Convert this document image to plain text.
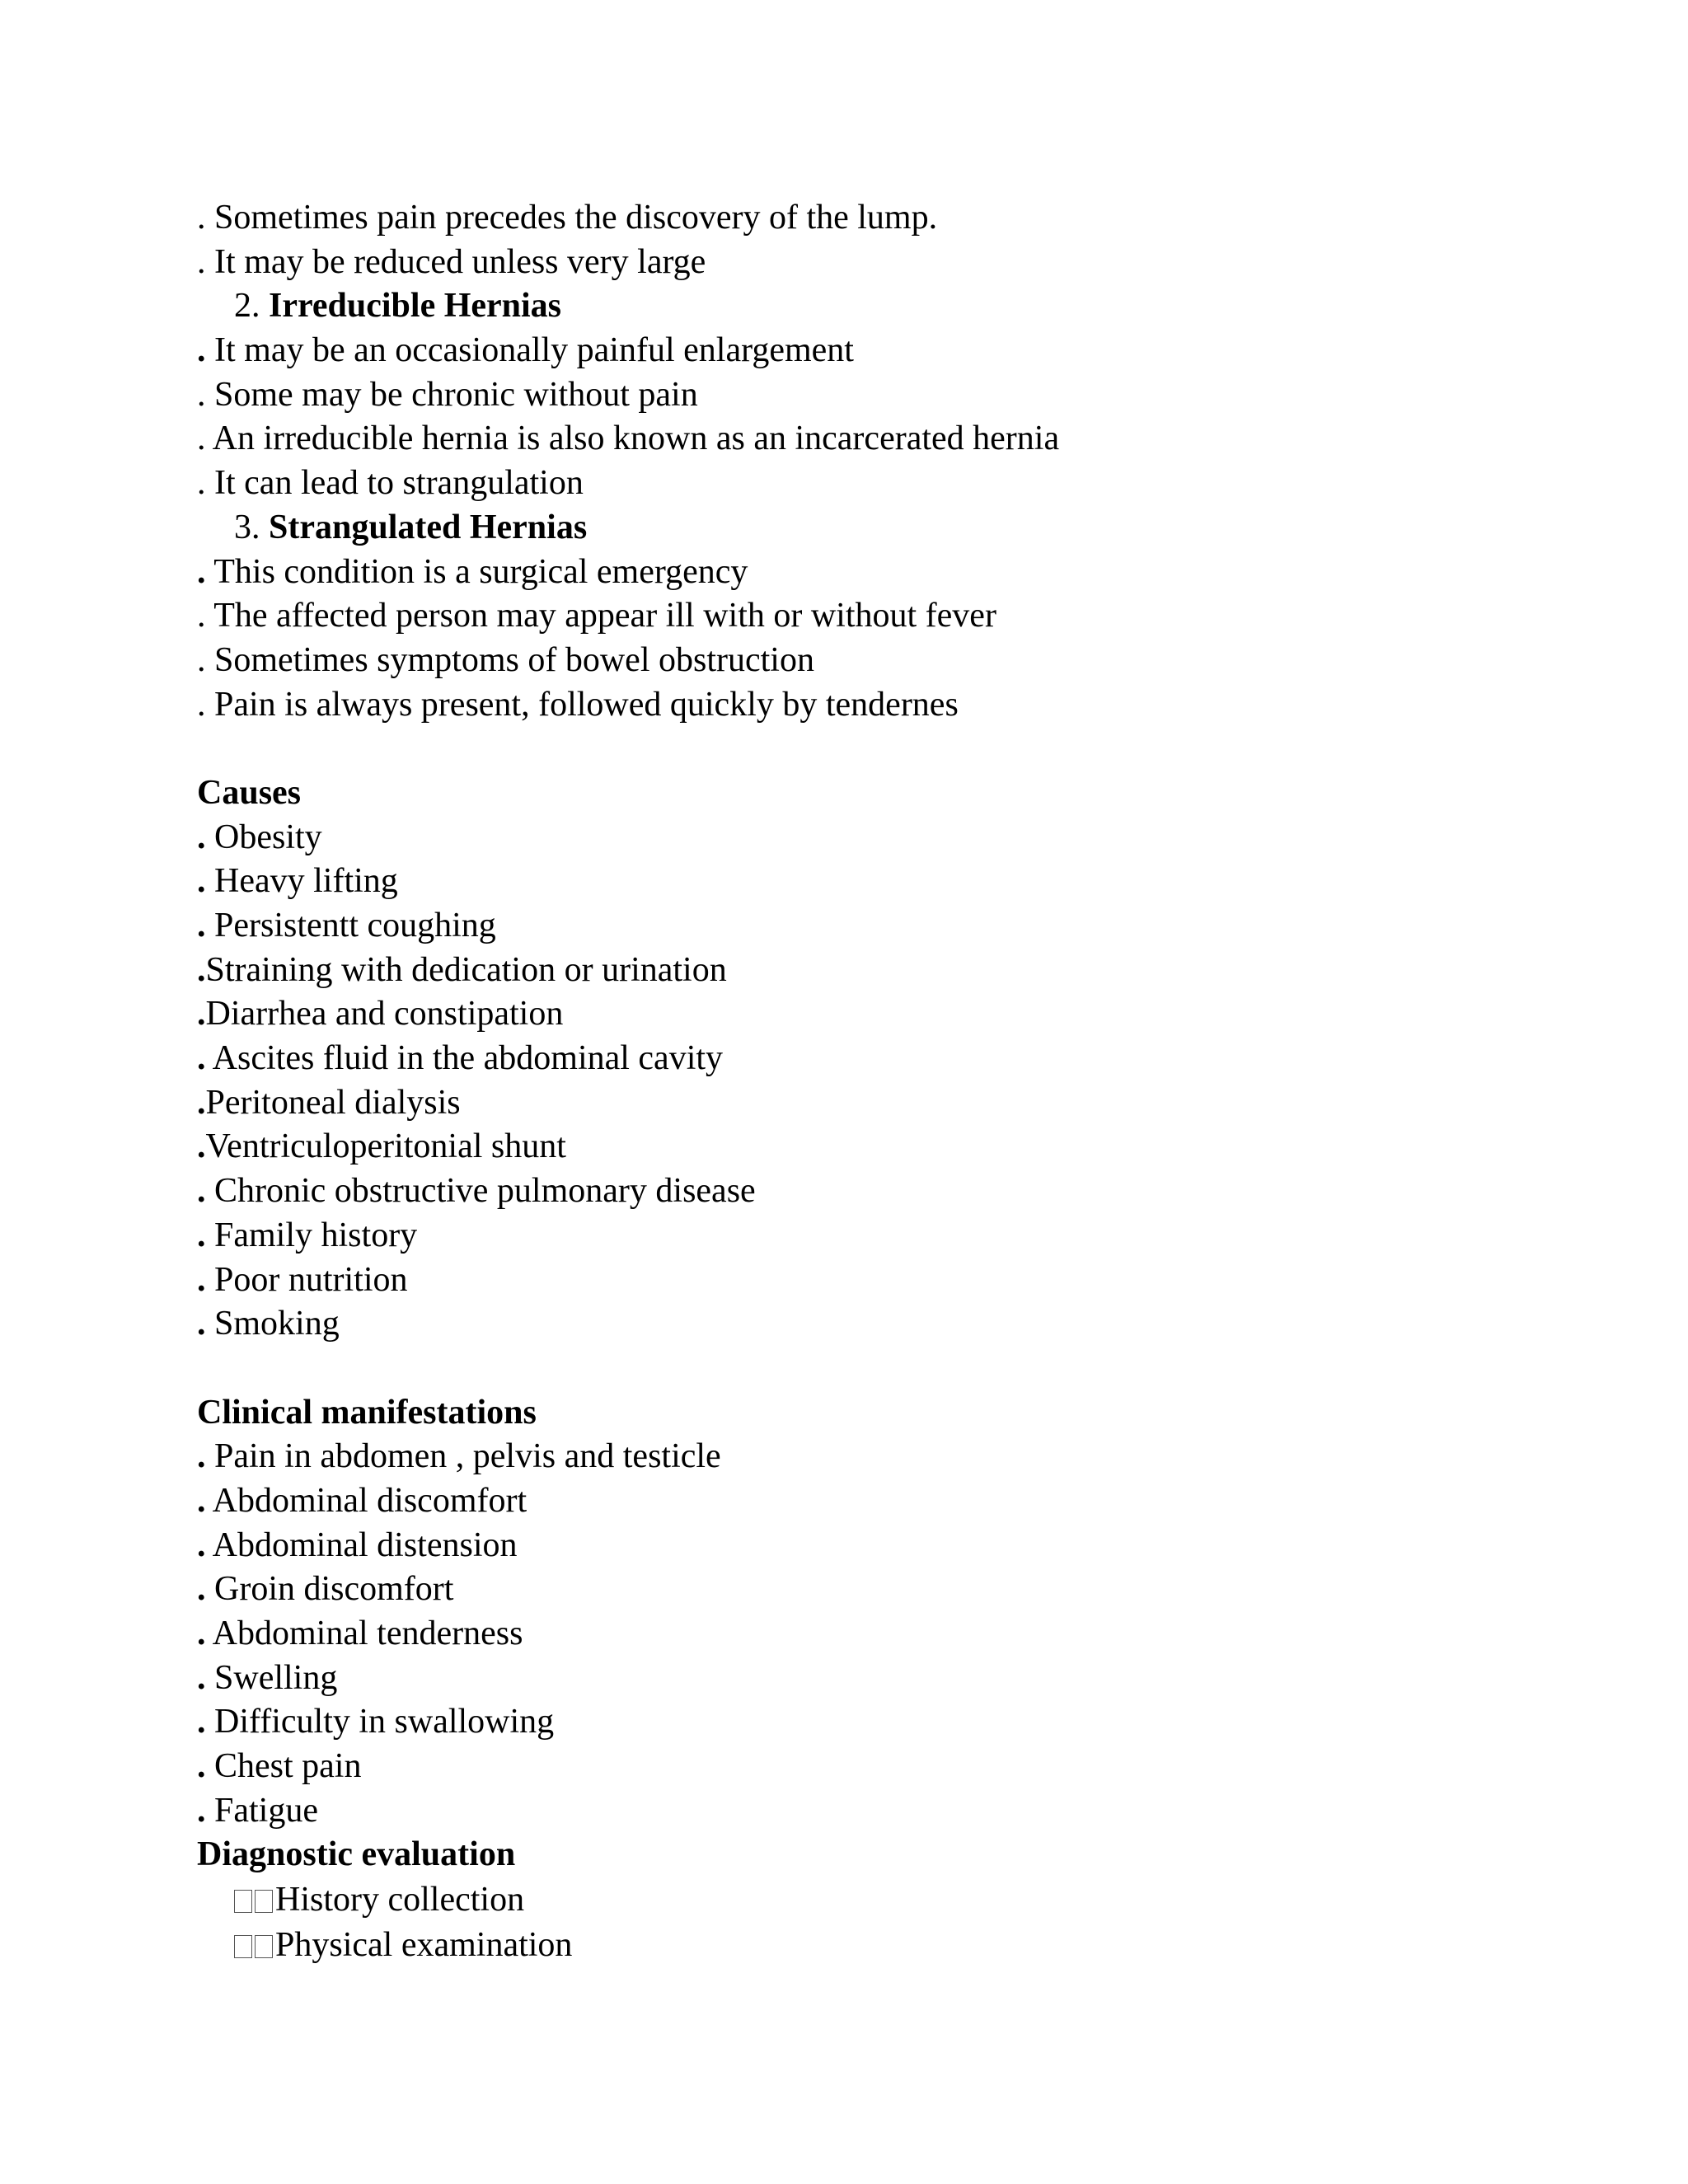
. Sometimes pain precedes the discovery of the lump.
. It may be reduced unless very large
2. Irreducible Hernias
. It may be an occasionally painful enlargement
. Some may be chronic without pain
. An irreducible hernia is also known as an incarcerated hernia
. It can lead to strangulation
3. Strangulated Hernias
. This condition is a surgical emergency
. The affected person may appear ill with or without fever
. Sometimes symptoms of bowel obstruction
. Pain is always present, followed quickly by tendernes
Causes
. Obesity
. Heavy lifting
. Persistentt coughing
.Straining with dedication or urination
.Diarrhea and constipation
. Ascites fluid in the abdominal cavity
.Peritoneal dialysis
.Ventriculoperitonial shunt
. Chronic obstructive pulmonary disease
. Family history
. Poor nutrition
. Smoking
Clinical manifestations
. Pain in abdomen , pelvis and testicle
. Abdominal discomfort
. Abdominal distension
. Groin discomfort
. Abdominal tenderness
. Swelling
. Difficulty in swallowing
. Chest pain
. Fatigue
Diagnostic evaluation
History collection
Physical examination
